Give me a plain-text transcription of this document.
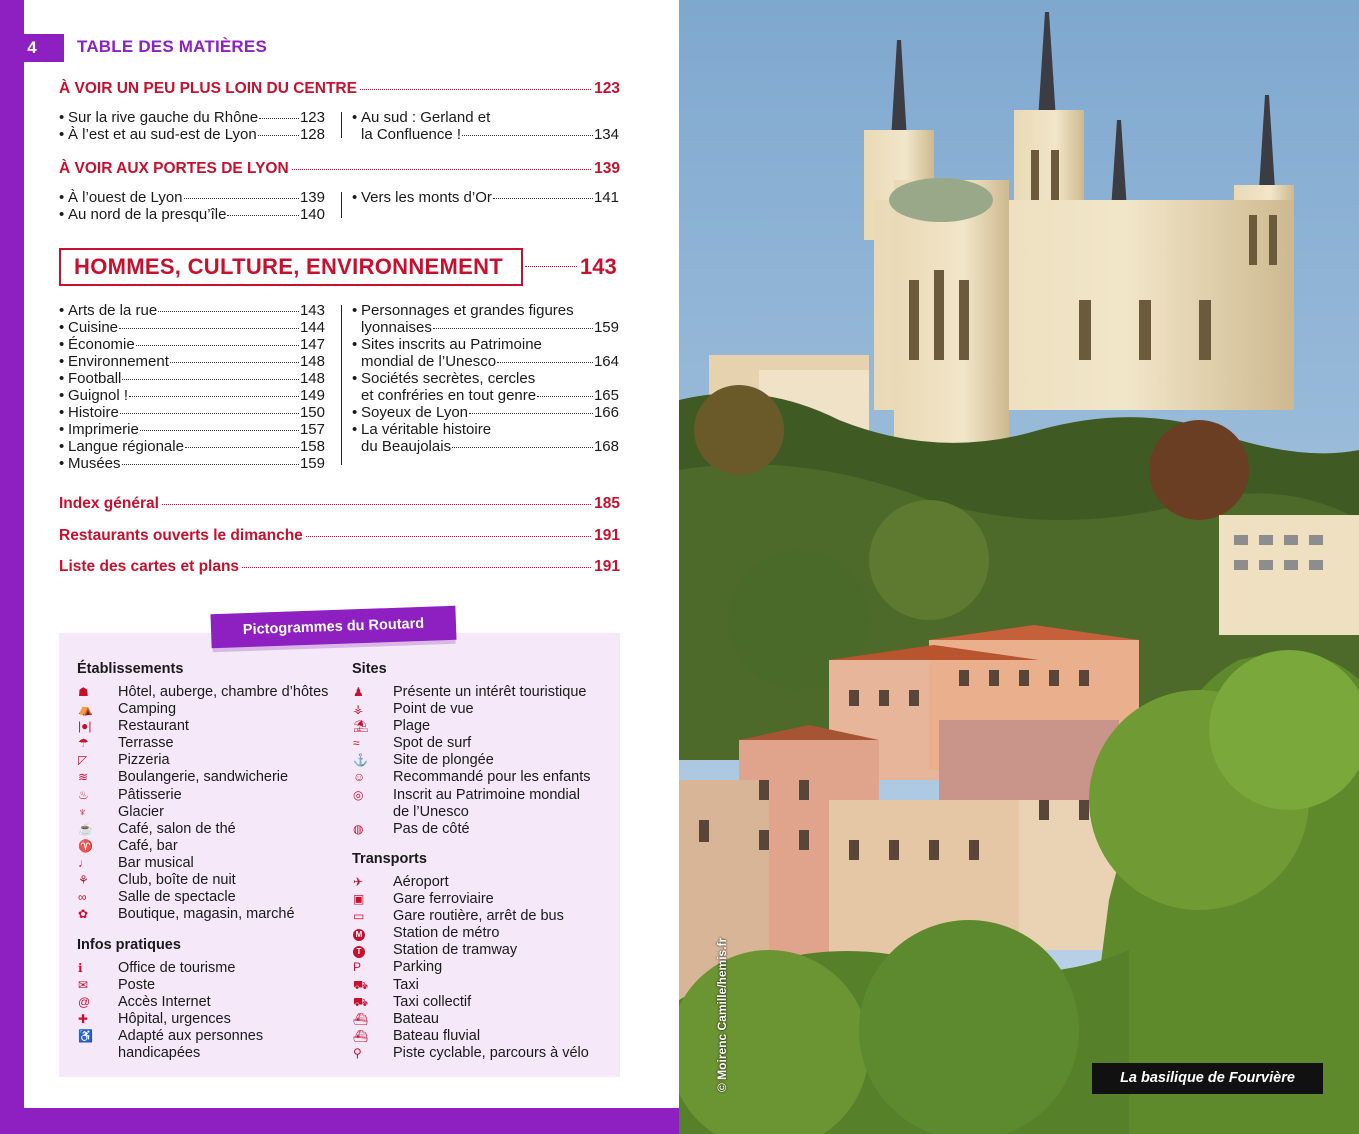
4	TABLE DES MATIÈRES
À VOIR UN PEU PLUS LOIN DU CENTRE	123
• Sur la rive gauche du Rhône	123
• À l’est et au sud-est de Lyon	128
• Au sud : Gerland et
la Confluence !	134
À VOIR AUX PORTES DE LYON	139
• À l’ouest de Lyon	139
• Au nord de la presqu’île	140
• Vers les monts d’Or	141
HOMMES, CULTURE, ENVIRONNEMENT	143
• Arts de la rue	143
• Cuisine	144
• Économie	147
• Environnement	148
• Football	148
• Guignol !	149
• Histoire	150
• Imprimerie	157
• Langue régionale	158
• Musées	159
• Personnages et grandes figures
lyonnaises	159
• Sites inscrits au Patrimoine
mondial de l’Unesco	164
• Sociétés secrètes, cercles
et confréries en tout genre	165
• Soyeux de Lyon	166
• La véritable histoire
du Beaujolais	168
Index général	185
Restaurants ouverts le dimanche	191
Liste des cartes et plans	191
Pictogrammes du Routard
Établissements
☗	Hôtel, auberge, chambre d’hôtes
⛺	Camping
|●|	Restaurant
☂	Terrasse
◸	Pizzeria
≋	Boulangerie, sandwicherie
♨	Pâtisserie
♆	Glacier
☕	Café, salon de thé
♈	Café, bar
♩	Bar musical
⚘	Club, boîte de nuit
∞	Salle de spectacle
✿	Boutique, magasin, marché
Infos pratiques
ℹ	Office de tourisme
✉	Poste
@	Accès Internet
✚	Hôpital, urgences
♿	Adapté aux personnes
handicapées
Sites
♟	Présente un intérêt touristique
⚶	Point de vue
⛱	Plage
≈	Spot de surf
⚓	Site de plongée
☺	Recommandé pour les enfants
◎	Inscrit au Patrimoine mondial
de l’Unesco
◍	Pas de côté
Transports
✈	Aéroport
▣	Gare ferroviaire
▭	Gare routière, arrêt de bus
M	Station de métro
T	Station de tramway
P	Parking
⛟	Taxi
⛟	Taxi collectif
⛴	Bateau
⛴	Bateau fluvial
⚲	Piste cyclable, parcours à vélo	© Moirenc Camille/hemis.fr	La basilique de Fourvière
